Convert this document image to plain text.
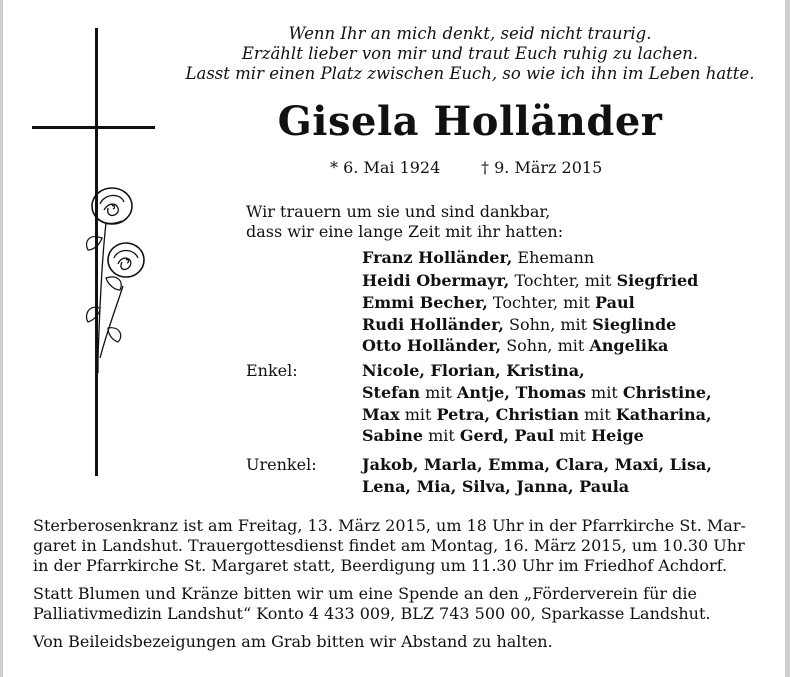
Wenn Ihr an mich denkt, seid nicht traurig.
Erzählt lieber von mir und traut Euch ruhig zu lachen.
Lasst mir einen Platz zwischen Euch, so wie ich ihn im Leben hatte.
Gisela Holländer
* 6. Mai 1924	† 9. März 2015
Wir trauern um sie und sind dankbar,
dass wir eine lange Zeit mit ihr hatten:
Franz Holländer, Ehemann
Heidi Obermayr, Tochter, mit Siegfried
Emmi Becher, Tochter, mit Paul
Rudi Holländer, Sohn, mit Sieglinde
Otto Holländer, Sohn, mit Angelika
Enkel:	Nicole, Florian, Kristina,
Stefan mit Antje, Thomas mit Christine,
Max mit Petra, Christian mit Katharina,
Sabine mit Gerd, Paul mit Heige
Urenkel:	Jakob, Marla, Emma, Clara, Maxi, Lisa,
Lena, Mia, Silva, Janna, Paula
Sterberosenkranz ist am Freitag, 13. März 2015, um 18 Uhr in der Pfarrkirche St. Mar-
garet in Landshut. Trauergottesdienst findet am Montag, 16. März 2015, um 10.30 Uhr
in der Pfarrkirche St. Margaret statt, Beerdigung um 11.30 Uhr im Friedhof Achdorf.
Statt Blumen und Kränze bitten wir um eine Spende an den „Förderverein für die
Palliativmedizin Landshut“ Konto 4 433 009, BLZ 743 500 00, Sparkasse Landshut.
Von Beileidsbezeigungen am Grab bitten wir Abstand zu halten.
